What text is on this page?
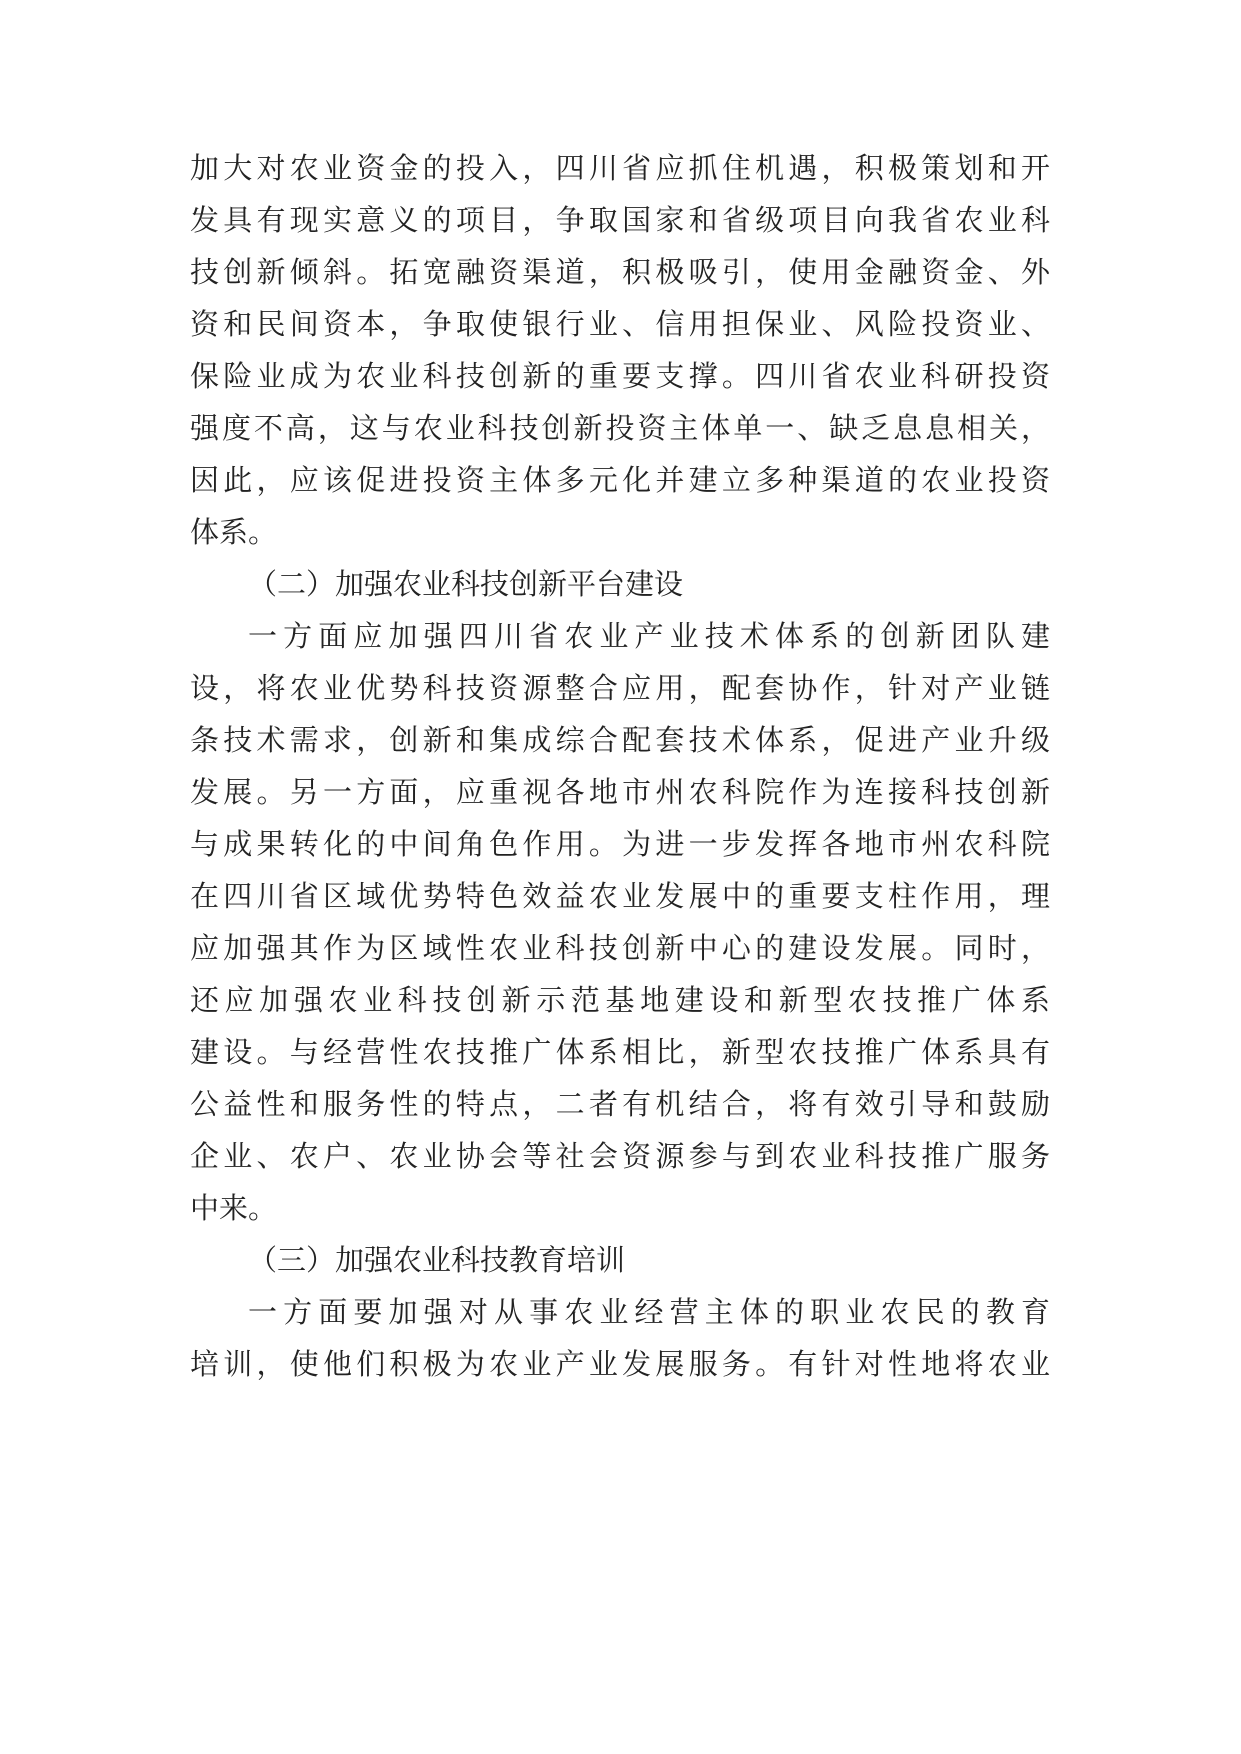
加大对农业资金的投入，四川省应抓住机遇，积极策划和开
发具有现实意义的项目，争取国家和省级项目向我省农业科
技创新倾斜。拓宽融资渠道，积极吸引，使用金融资金、外
资和民间资本，争取使银行业、信用担保业、风险投资业、
保险业成为农业科技创新的重要支撑。四川省农业科研投资
强度不高，这与农业科技创新投资主体单一、缺乏息息相关，
因此，应该促进投资主体多元化并建立多种渠道的农业投资
体系。
（二）加强农业科技创新平台建设
一方面应加强四川省农业产业技术体系的创新团队建
设，将农业优势科技资源整合应用，配套协作，针对产业链
条技术需求，创新和集成综合配套技术体系，促进产业升级
发展。另一方面，应重视各地市州农科院作为连接科技创新
与成果转化的中间角色作用。为进一步发挥各地市州农科院
在四川省区域优势特色效益农业发展中的重要支柱作用，理
应加强其作为区域性农业科技创新中心的建设发展。同时，
还应加强农业科技创新示范基地建设和新型农技推广体系
建设。与经营性农技推广体系相比，新型农技推广体系具有
公益性和服务性的特点，二者有机结合，将有效引导和鼓励
企业、农户、农业协会等社会资源参与到农业科技推广服务
中来。
（三）加强农业科技教育培训
一方面要加强对从事农业经营主体的职业农民的教育
培训，使他们积极为农业产业发展服务。有针对性地将农业
